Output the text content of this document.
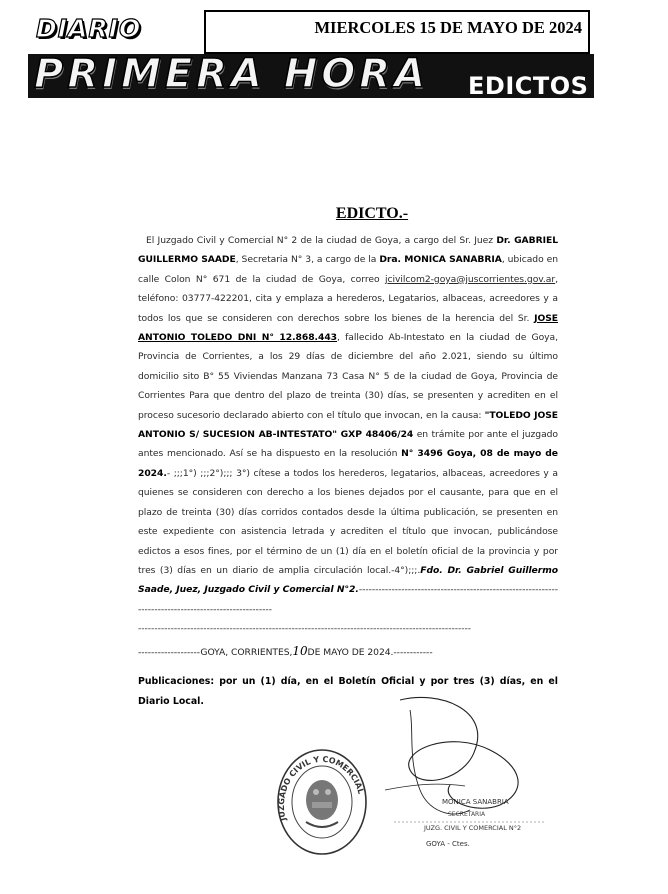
DIARIO	MIERCOLES 15 DE MAYO DE 2024
PRIMERA HORA EDICTOS
EDICTO.-

El Juzgado Civil y Comercial N° 2 de la ciudad de Goya, a cargo del Sr. Juez Dr. GABRIEL GUILLERMO SAADE, Secretaria N° 3, a cargo de la Dra. MONICA SANABRIA, ubicado en calle Colon N° 671 de la ciudad de Goya, correo jcivilcom2-goya@juscorrientes.gov.ar, teléfono: 03777-422201, cita y emplaza a herederos, Legatarios, albaceas, acreedores y a todos los que se consideren con derechos sobre los bienes de la herencia del Sr. JOSE ANTONIO TOLEDO DNI N° 12.868.443, fallecido Ab-Intestato en la ciudad de Goya, Provincia de Corrientes, a los 29 días de diciembre del año 2.021, siendo su último domicilio sito B° 55 Viviendas Manzana 73 Casa N° 5 de la ciudad de Goya, Provincia de Corrientes Para que dentro del plazo de treinta (30) días, se presenten y acrediten en el proceso sucesorio declarado abierto con el título que invocan, en la causa: "TOLEDO JOSE ANTONIO S/ SUCESION AB-INTESTATO" GXP 48406/24 en trámite por ante el juzgado antes mencionado. Así se ha dispuesto en la resolución N° 3496 Goya, 08 de mayo de 2024.- ;;;1°) ;;;2°);;; 3°) cítese a todos los herederos, legatarios, albaceas, acreedores y a quienes se consideren con derecho a los bienes dejados por el causante, para que en el plazo de treinta (30) días corridos contados desde la última publicación, se presenten en este expediente con asistencia letrada y acrediten el título que invocan, publicándose edictos a esos fines, por el término de un (1) día en el boletín oficial de la provincia y por tres (3) días en un diario de amplia circulación local.-4°);;;.Fdo. Dr. Gabriel Guillermo Saade, Juez, Juzgado Civil y Comercial N°2.------------------------------------------------------------------------------------------------------

------------------------------------------------------------------------------------------------------
-------------------GOYA, CORRIENTES,10DE MAYO DE 2024.------------
Publicaciones: por un (1) día, en el Boletín Oficial y por tres (3) días, en el Diario Local.
JUZGADO CIVIL Y COMERCIAL
MONICA SANABRIA
SECRETARIA
JUZG. CIVIL Y COMERCIAL N°2
GOYA - Ctes.
